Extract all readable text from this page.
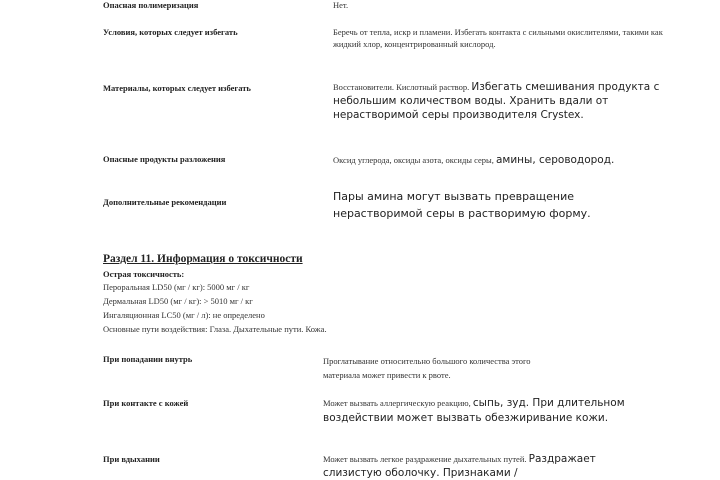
Опасная полимеризация	Нет.
Условия, которых следует избегать	Беречь от тепла, искр и пламени. Избегать контакта с сильными окислителями, такими как жидкий хлор, концентрированный кислород.
Материалы, которых следует избегать	Восстановители. Кислотный раствор. Избегать смешивания продукта с небольшим количеством воды. Хранить вдали от нерастворимой серы производителя Crystex.
Опасные продукты разложения	Оксид углерода, оксиды азота, оксиды серы, амины, сероводород.
Дополнительные рекомендации	Пары амина могут вызвать превращение нерастворимой серы в растворимую форму.
Раздел 11. Информация о токсичности
Острая токсичность:
Пероральная LD50 (мг / кг): 5000 мг / кг
Дермальная LD50 (мг / кг): > 5010 мг / кг
Ингаляционная LC50 (мг / л): не определено
Основные пути воздействия: Глаза. Дыхательные пути. Кожа.
При попадании внутрь	Проглатывание относительно большого количества этого материала может привести к рвоте.
При контакте с кожей	Может вызвать аллергическую реакцию, сыпь, зуд. При длительном воздействии может вызвать обезжиривание кожи.
При вдыхании	Может вызвать легкое раздражение дыхательных путей. Раздражает слизистую оболочку. Признаками /
